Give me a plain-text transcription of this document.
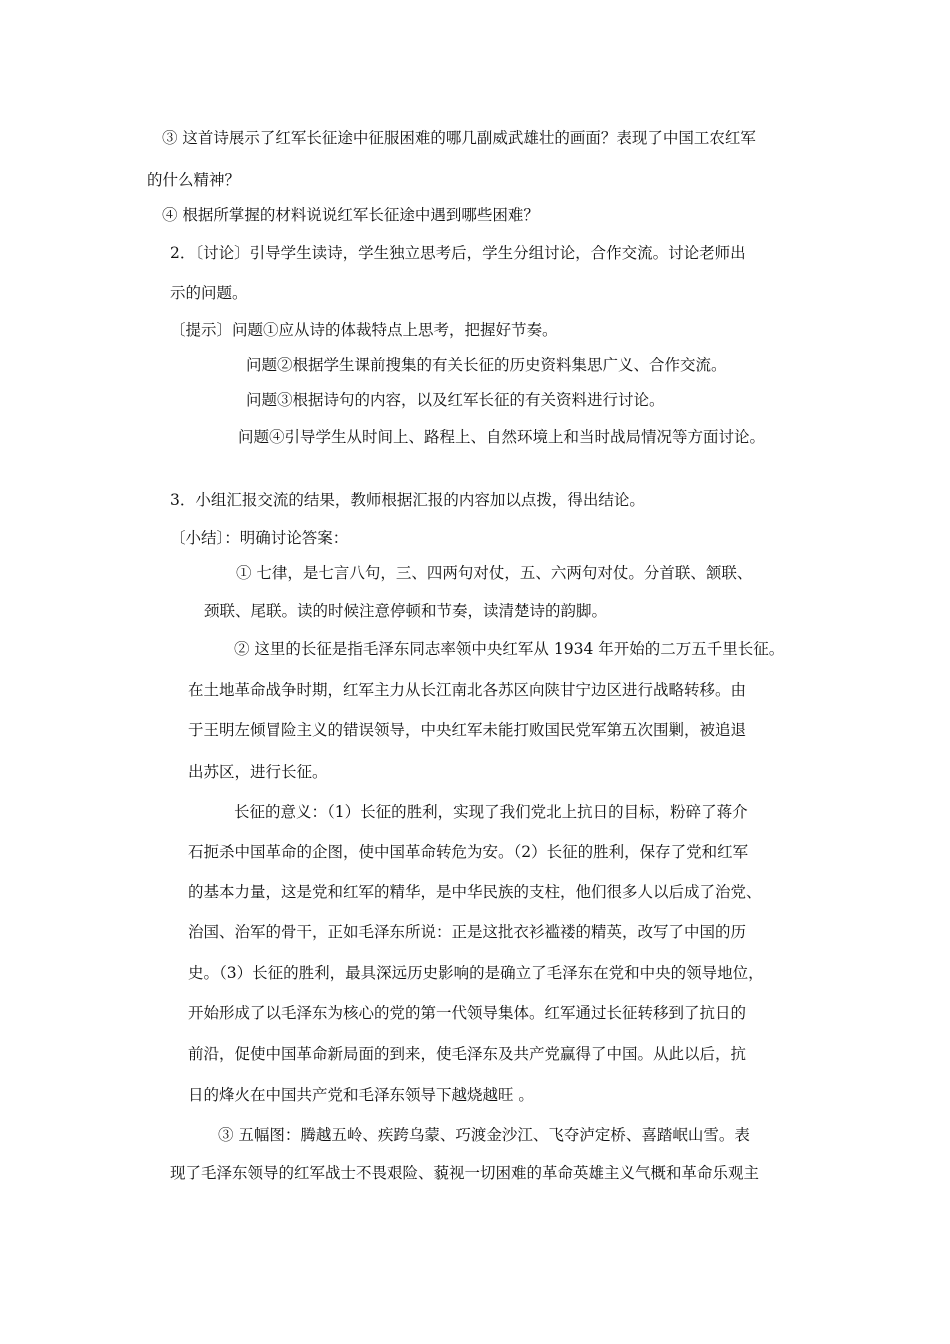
③ 这首诗展示了红军长征途中征服困难的哪几副威武雄壮的画面？表现了中国工农红军
的什么精神？
④ 根据所掌握的材料说说红军长征途中遇到哪些困难？
2．〔讨论〕引导学生读诗，学生独立思考后，学生分组讨论，合作交流。讨论老师出
示的问题。
〔提示〕问题①应从诗的体裁特点上思考，把握好节奏。
问题②根据学生课前搜集的有关长征的历史资料集思广义、合作交流。
问题③根据诗句的内容，以及红军长征的有关资料进行讨论。
问题④引导学生从时间上、路程上、自然环境上和当时战局情况等方面讨论。
3．小组汇报交流的结果，教师根据汇报的内容加以点拨，得出结论。
〔小结〕：明确讨论答案：
① 七律，是七言八句，三、四两句对仗，五、六两句对仗。分首联、颔联、
颈联、尾联。读的时候注意停顿和节奏，读清楚诗的韵脚。
② 这里的长征是指毛泽东同志率领中央红军从 1934 年开始的二万五千里长征。
在土地革命战争时期，红军主力从长江南北各苏区向陕甘宁边区进行战略转移。由
于王明左倾冒险主义的错误领导，中央红军未能打败国民党军第五次围剿，被追退
出苏区，进行长征。
长征的意义：（1）长征的胜利，实现了我们党北上抗日的目标，粉碎了蒋介
石扼杀中国革命的企图，使中国革命转危为安。（2）长征的胜利，保存了党和红军
的基本力量，这是党和红军的精华，是中华民族的支柱，他们很多人以后成了治党、
治国、治军的骨干，正如毛泽东所说：正是这批衣衫褴褛的精英，改写了中国的历
史。（3）长征的胜利，最具深远历史影响的是确立了毛泽东在党和中央的领导地位，
开始形成了以毛泽东为核心的党的第一代领导集体。红军通过长征转移到了抗日的
前沿，促使中国革命新局面的到来，使毛泽东及共产党赢得了中国。从此以后，抗
日的烽火在中国共产党和毛泽东领导下越烧越旺 。
③ 五幅图：腾越五岭、疾跨乌蒙、巧渡金沙江、飞夺泸定桥、喜踏岷山雪。表
现了毛泽东领导的红军战士不畏艰险、藐视一切困难的革命英雄主义气概和革命乐观主
